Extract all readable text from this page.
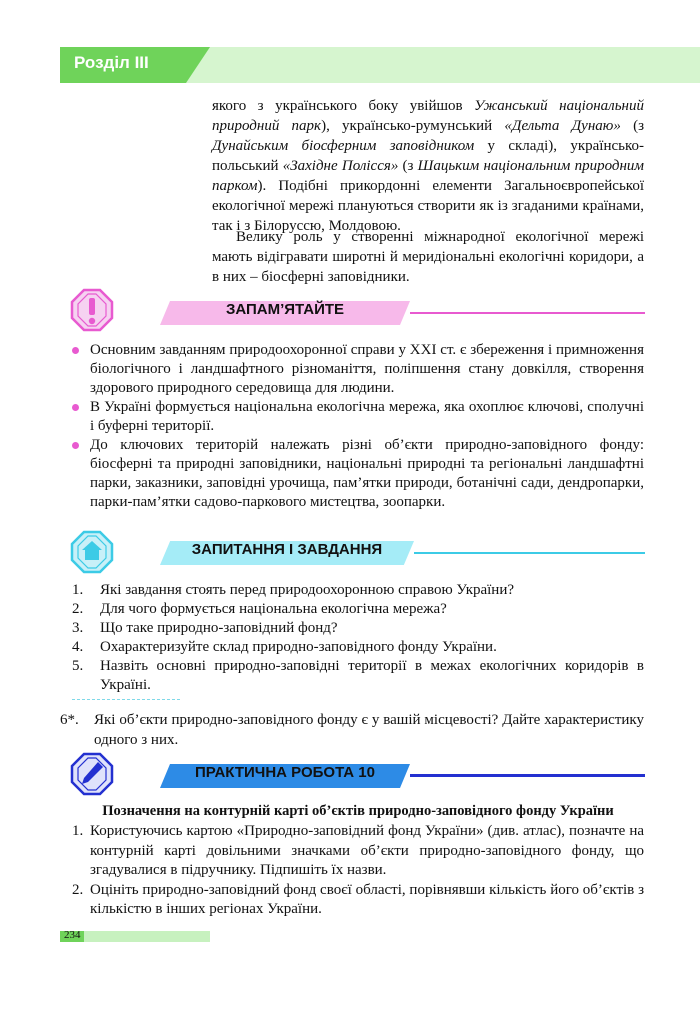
Розділ ІІІ
якого з українського боку увійшов Ужанський національний природний парк), українсько-румунський «Дельта Дунаю» (з Дунайським біосферним заповідником у складі), українсько-польський «Західне Полісся» (з Шацьким національним природним парком). Подібні прикордонні елементи Загальноєвропейської екологічної мережі плануються створити як із згаданими країнами, так і з Білоруссю, Молдовою.
Велику роль у створенні міжнародної екологічної мережі мають відігравати широтні й меридіональні екологічні коридори, а в них – біосферні заповідники.
ЗАПАМ’ЯТАЙТЕ
Основним завданням природоохоронної справи у ХХІ ст. є збереження і примноження біологічного і ландшафтного різноманіття, поліпшення стану довкілля, створення здорового природного середовища для людини.
В Україні формується національна екологічна мережа, яка охоплює ключові, сполучні і буферні території.
До ключових територій належать різні об’єкти природно-заповідного фонду: біосферні та природні заповідники, національні природні та регіональні ландшафтні парки, заказники, заповідні урочища, пам’ятки природи, ботанічні сади, дендропарки, парки-пам’ятки садово-паркового мистецтва, зоопарки.
ЗАПИТАННЯ І ЗАВДАННЯ
1. Які завдання стоять перед природоохоронною справою України?
2. Для чого формується національна екологічна мережа?
3. Що таке природно-заповідний фонд?
4. Охарактеризуйте склад природно-заповідного фонду України.
5. Назвіть основні природно-заповідні території в межах екологічних коридорів в Україні.
6*. Які об’єкти природно-заповідного фонду є у вашій місцевості? Дайте характеристику одного з них.
ПРАКТИЧНА РОБОТА 10
Позначення на контурній карті об’єктів природно-заповідного фонду України
1. Користуючись картою «Природно-заповідний фонд України» (див. атлас), позначте на контурній карті довільними значками об’єкти природно-заповідного фонду, що згадувалися в підручнику. Підпишіть їх назви.
2. Оцініть природно-заповідний фонд своєї області, порівнявши кількість його об’єктів з кількістю в інших регіонах України.
234
